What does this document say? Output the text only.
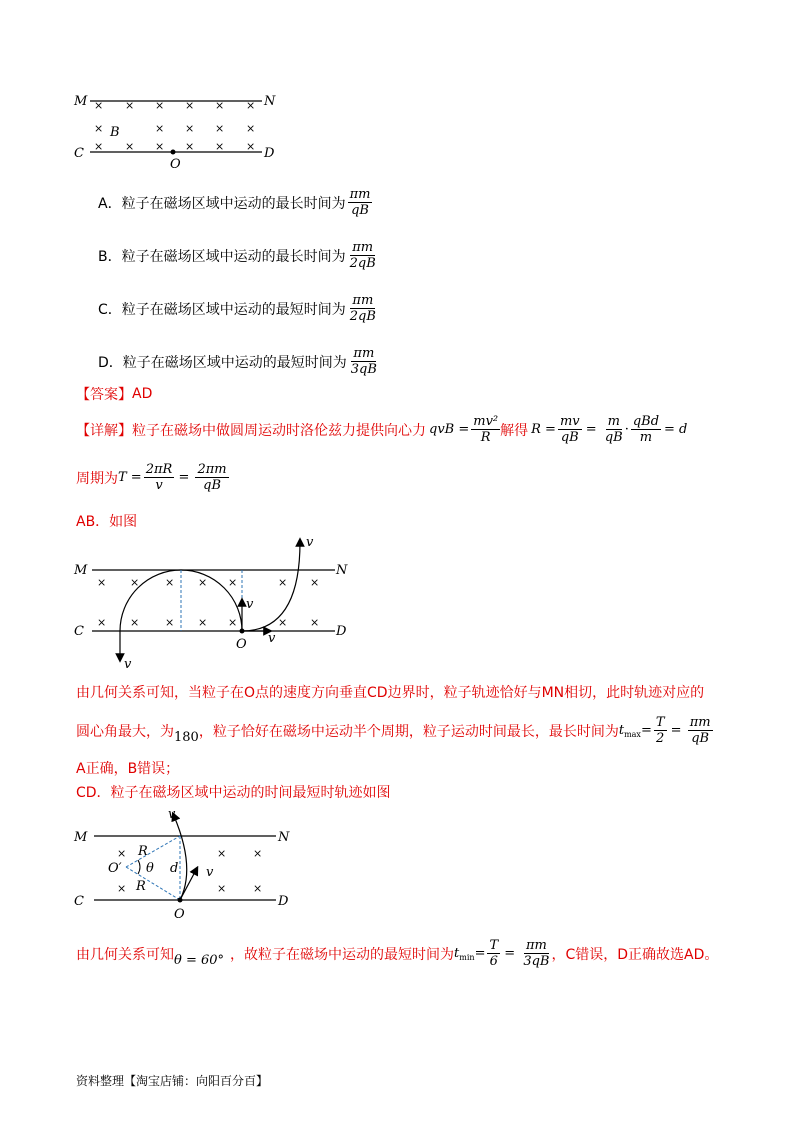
× × × × × ×
×	× × × ×
× × × × × ×
M	N
C	D
B
O
A．粒子在磁场区域中运动的最长时间为 $\frac{\pi m}{qB}$
B．粒子在磁场区域中运动的最长时间为 $\frac{\pi m}{2qB}$
C．粒子在磁场区域中运动的最短时间为 $\frac{\pi m}{2qB}$
D．粒子在磁场区域中运动的最短时间为 $\frac{\pi m}{3qB}$
【答案】 AD
【详解】 粒子在磁场中做圆周运动时洛伦兹力提供向心力 qvB = $\frac{\text{mv²}}{R}$ 解得 $R = \frac{mv}{qB} = \frac{m}{qB} \cdot \frac{\text{qBd}}{m} = d$
周期为 $T = \frac{2\pi R}{v} = \frac{2\pi m}{qB}$
AB．如图
× × × × ×	× ×
× × × × ×	× ×
M	N
C	D
O
v
v
v
v
由几何关系可知，当粒子在O点的速度方向垂直CD边界时，粒子轨迹恰好与MN相切，此时轨迹对应的
圆心角最大，为 180 ，粒子恰好在磁场中运动半个周期，粒子运动时间最长，最长时间为 t $\max = \frac{T}{2} = \frac{\pi m}{qB}$
A正确，B错误；
CD．粒子在磁场区域中运动的时间最短时轨迹如图
×	× ×
×	× ×
M	N
C	D
O
O′
R
R
θ d
v
v
由几何关系可知 θ = 60° ，故粒子在磁场中运动的最短时间为 t $\min = \frac{T}{6} = \frac{\pi m}{3qB}$ ，C错误，D正确故选AD。
资料整理【淘宝店铺：向阳百分百】
